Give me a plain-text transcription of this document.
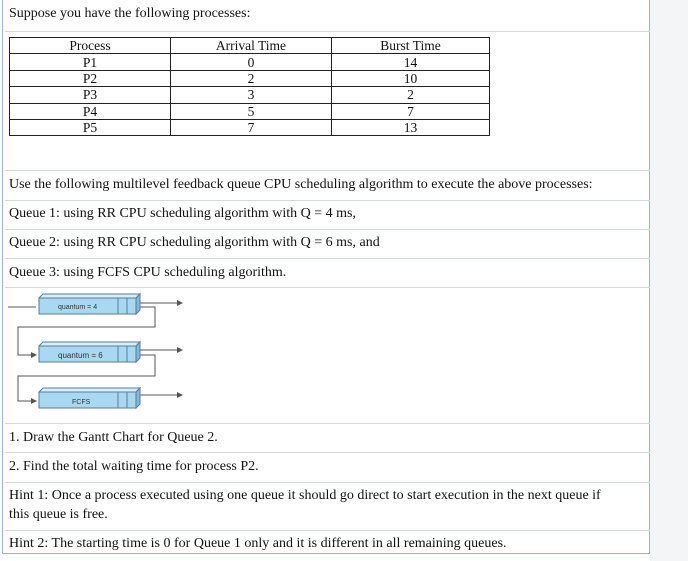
Suppose you have the following processes:
Process	Arrival Time	Burst Time
P1	0	14
P2	2	10
P3	3	2
P4	5	7
P5	7	13
Use the following multilevel feedback queue CPU scheduling algorithm to execute the above processes:
Queue 1: using RR CPU scheduling algorithm with Q = 4 ms,
Queue 2: using RR CPU scheduling algorithm with Q = 6 ms, and
Queue 3: using FCFS CPU scheduling algorithm.
quantum = 4
quantum = 6
FCFS
1. Draw the Gantt Chart for Queue 2.
2. Find the total waiting time for process P2.
Hint 1: Once a process executed using one queue it should go direct to start execution in the next queue if
this queue is free.
Hint 2: The starting time is 0 for Queue 1 only and it is different in all remaining queues.
